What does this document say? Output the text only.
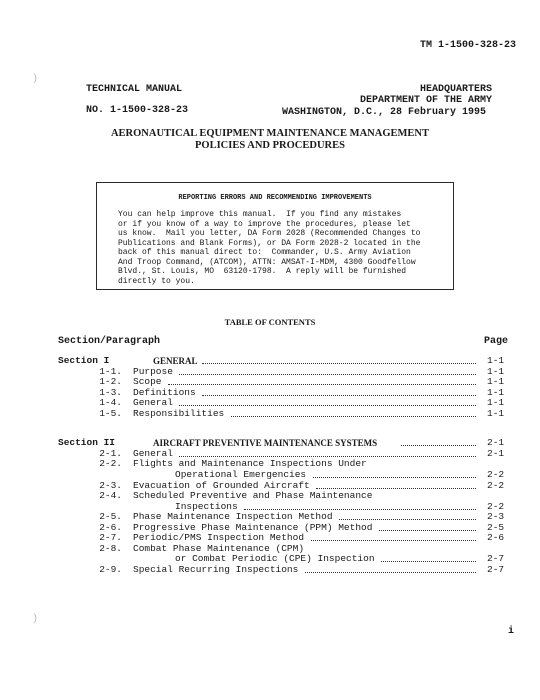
TM 1-1500-328-23
)
)
TECHNICAL MANUAL
NO. 1-1500-328-23
HEADQUARTERS
DEPARTMENT OF THE ARMY
WASHINGTON, D.C., 28 February 1995
AERONAUTICAL EQUIPMENT MAINTENANCE MANAGEMENT
POLICIES AND PROCEDURES
REPORTING ERRORS AND RECOMMENDING IMPROVEMENTS
You can help improve this manual.  If you find any mistakes
or if you know of a way to improve the procedures, please let
us know.  Mail you letter, DA Form 2028 (Recommended Changes to
Publications and Blank Forms), or DA Form 2028-2 located in the
back of this manual direct to:  Commander, U.S. Army Aviation
And Troop Command, (ATCOM), ATTN: AMSAT-I-MDM, 4300 Goodfellow
Blvd., St. Louis, MO  63120-1798.  A reply will be furnished
directly to you.
TABLE OF CONTENTS
Section/Paragraph	Page
Section I	GENERAL	1-1
1-1. Purpose	1-1
1-2. Scope	1-1
1-3. Definitions	1-1
1-4. General	1-1
1-5. Responsibilities	1-1
Section II	AIRCRAFT PREVENTIVE MAINTENANCE SYSTEMS	2-1
2-1. General	2-1
2-2. Flights and Maintenance Inspections Under
Operational Emergencies	2-2
2-3. Evacuation of Grounded Aircraft	2-2
2-4. Scheduled Preventive and Phase Maintenance
Inspections	2-2
2-5. Phase Maintenance Inspection Method	2-3
2-6. Progressive Phase Maintenance (PPM) Method	2-5
2-7. Periodic/PMS Inspection Method	2-6
2-8. Combat Phase Maintenance (CPM)
or Combat Periodic (CPE) Inspection	2-7
2-9. Special Recurring Inspections	2-7
i
